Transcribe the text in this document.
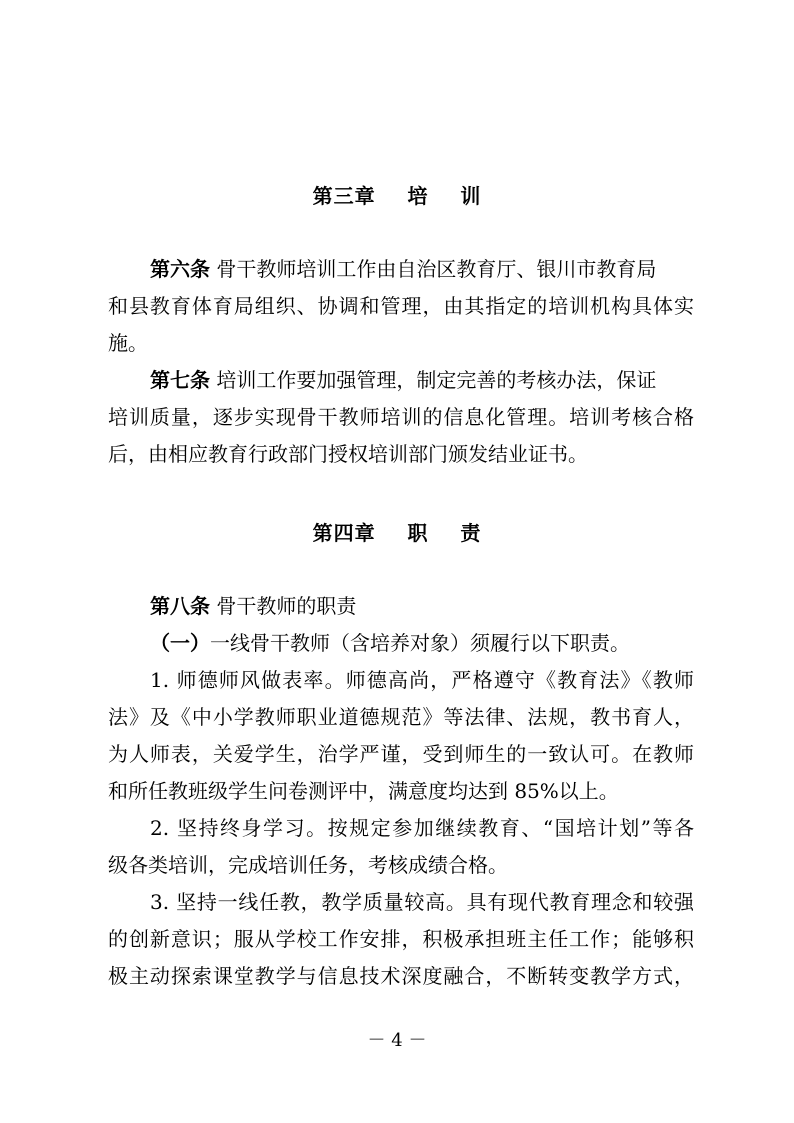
第三章    培    训
第六条 骨干教师培训工作由自治区教育厅、银川市教育局
和县教育体育局组织、协调和管理，由其指定的培训机构具体实
施。
第七条 培训工作要加强管理，制定完善的考核办法，保证
培训质量，逐步实现骨干教师培训的信息化管理。培训考核合格
后，由相应教育行政部门授权培训部门颁发结业证书。
第四章    职    责
第八条 骨干教师的职责
（一）一线骨干教师（含培养对象）须履行以下职责。
1. 师德师风做表率。师德高尚，严格遵守《教育法》《教师
法》及《中小学教师职业道德规范》等法律、法规，教书育人，
为人师表，关爱学生，治学严谨，受到师生的一致认可。在教师
和所任教班级学生问卷测评中，满意度均达到 85%以上。
2. 坚持终身学习。按规定参加继续教育、“国培计划”等各
级各类培训，完成培训任务，考核成绩合格。
3. 坚持一线任教，教学质量较高。具有现代教育理念和较强
的创新意识；服从学校工作安排，积极承担班主任工作；能够积
极主动探索课堂教学与信息技术深度融合，不断转变教学方式，
－ 4 －
